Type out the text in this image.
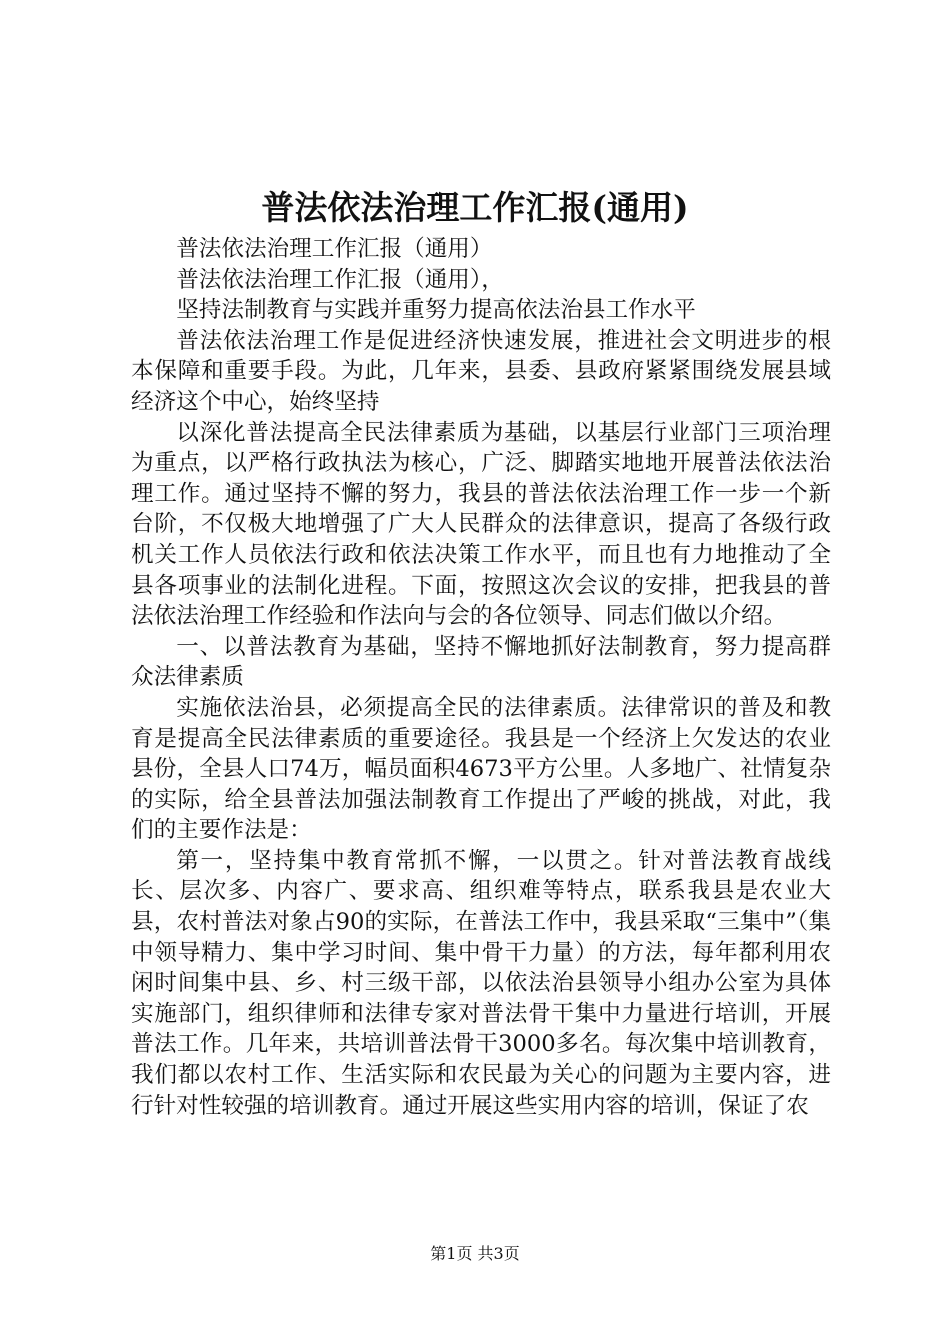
普法依法治理工作汇报(通用)

普法依法治理工作汇报（通用）

普法依法治理工作汇报（通用），

坚持法制教育与实践并重努力提高依法治县工作水平

普法依法治理工作是促进经济快速发展，推进社会文明进步的根本保障和重要手段。为此，几年来，县委、县政府紧紧围绕发展县域经济这个中心，始终坚持

以深化普法提高全民法律素质为基础，以基层行业部门三项治理为重点，以严格行政执法为核心，广泛、脚踏实地地开展普法依法治理工作。通过坚持不懈的努力，我县的普法依法治理工作一步一个新台阶，不仅极大地增强了广大人民群众的法律意识，提高了各级行政机关工作人员依法行政和依法决策工作水平，而且也有力地推动了全县各项事业的法制化进程。下面，按照这次会议的安排，把我县的普法依法治理工作经验和作法向与会的各位领导、同志们做以介绍。

一、以普法教育为基础，坚持不懈地抓好法制教育，努力提高群众法律素质

实施依法治县，必须提高全民的法律素质。法律常识的普及和教育是提高全民法律素质的重要途径。我县是一个经济上欠发达的农业县份，全县人口74万，幅员面积4673平方公里。人多地广、社情复杂的实际，给全县普法加强法制教育工作提出了严峻的挑战，对此，我们的主要作法是：

第一，坚持集中教育常抓不懈，一以贯之。针对普法教育战线长、层次多、内容广、要求高、组织难等特点，联系我县是农业大县，农村普法对象占90的实际，在普法工作中，我县采取“三集中”（集中领导精力、集中学习时间、集中骨干力量）的方法，每年都利用农闲时间集中县、乡、村三级干部，以依法治县领导小组办公室为具体实施部门，组织律师和法律专家对普法骨干集中力量进行培训，开展普法工作。几年来，共培训普法骨干3000多名。每次集中培训教育，我们都以农村工作、生活实际和农民最为关心的问题为主要内容，进行针对性较强的培训教育。通过开展这些实用内容的培训，保证了农

第1页 共3页
